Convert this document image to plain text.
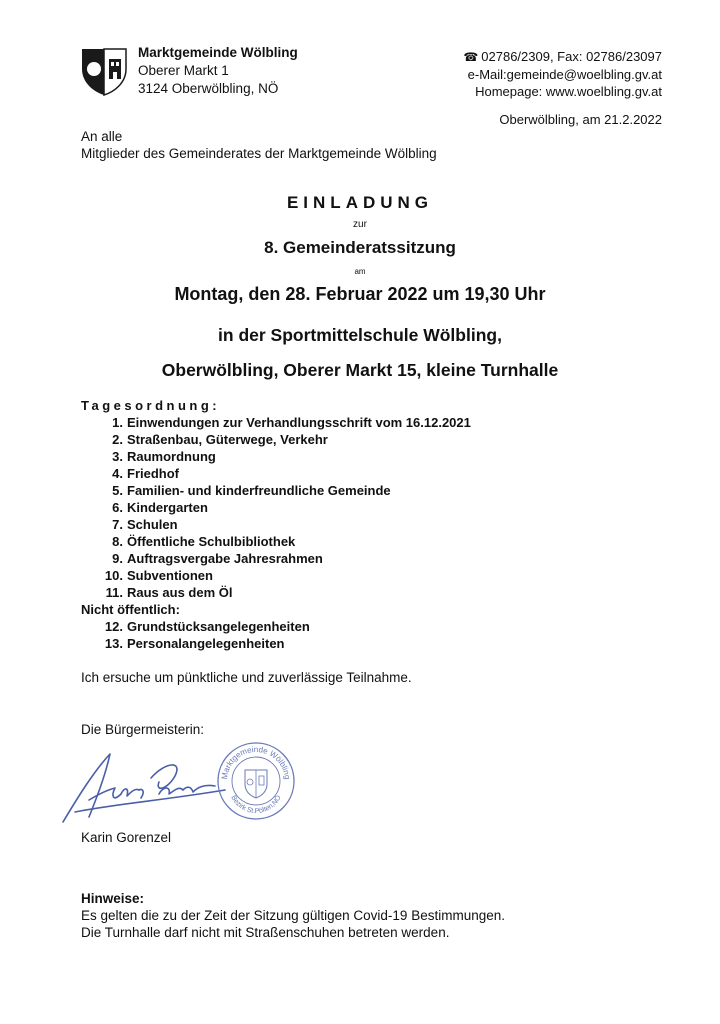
Marktgemeinde Wölbling
Oberer Markt 1
3124 Oberwölbling, NÖ
☎ 02786/2309, Fax: 02786/23097
e-Mail:gemeinde@woelbling.gv.at
Homepage: www.woelbling.gv.at
Oberwölbling, am 21.2.2022
An alle
Mitglieder des Gemeinderates der Marktgemeinde Wölbling
EINLADUNG
zur
8. Gemeinderatssitzung
am
Montag, den 28. Februar 2022 um 19,30 Uhr
in der Sportmittelschule Wölbling,
Oberwölbling, Oberer Markt 15, kleine Turnhalle
Tagesordnung:
1. Einwendungen zur Verhandlungsschrift vom 16.12.2021
2. Straßenbau, Güterwege, Verkehr
3. Raumordnung
4. Friedhof
5. Familien- und kinderfreundliche Gemeinde
6. Kindergarten
7. Schulen
8. Öffentliche Schulbibliothek
9. Auftragsvergabe Jahresrahmen
10. Subventionen
11. Raus aus dem Öl
Nicht öffentlich:
12. Grundstücksangelegenheiten
13. Personalangelegenheiten
Ich ersuche um pünktliche und zuverlässige Teilnahme.
Die Bürgermeisterin:
Marktgemeinde Wölbling
Bezirk St.Pölten,NÖ
Karin Gorenzel
Hinweise:
Es gelten die zu der Zeit der Sitzung gültigen Covid-19 Bestimmungen.
Die Turnhalle darf nicht mit Straßenschuhen betreten werden.
